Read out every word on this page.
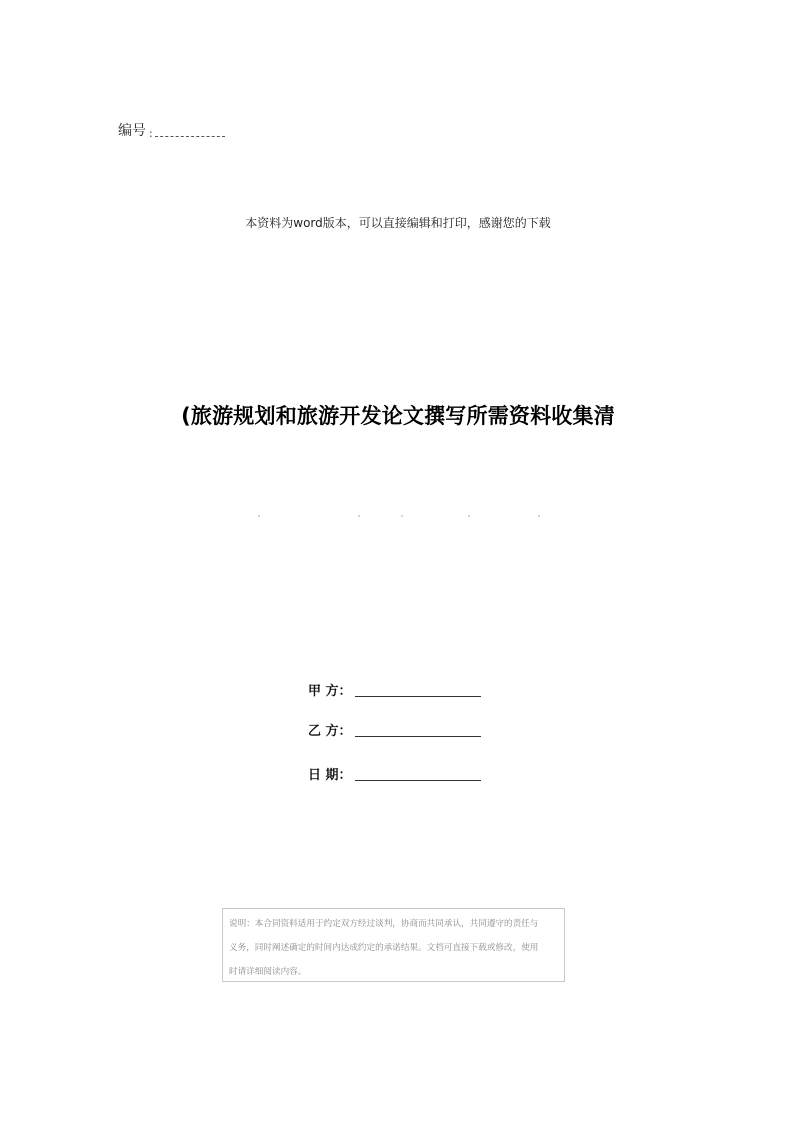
编号 :
本资料为word版本，可以直接编辑和打印，感谢您的下载
(旅游规划和旅游开发论文撰写所需资料收集清
甲 方：
乙 方：
日 期：
说明：本合同资料适用于约定双方经过谈判，协商而共同承认，共同遵守的责任与
义务，同时阐述确定的时间内达成约定的承诺结果。文档可直接下载或修改，使用
时请详细阅读内容。
